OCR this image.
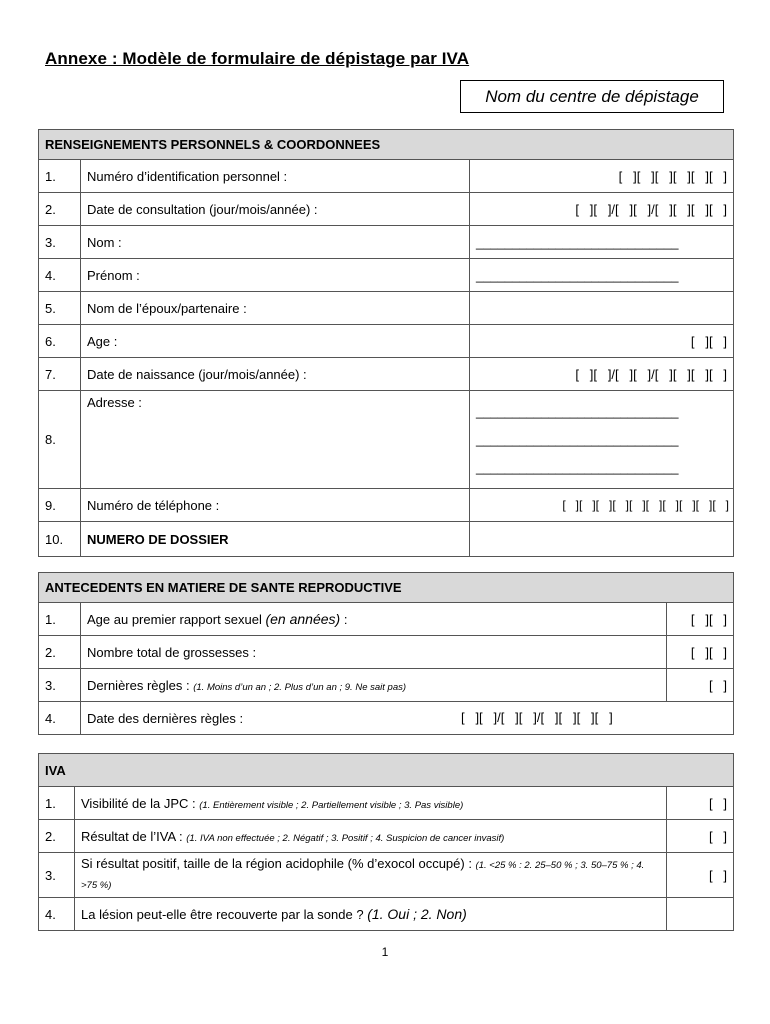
Annexe : Modèle de formulaire de dépistage par IVA
Nom du centre de dépistage
RENSEIGNEMENTS PERSONNELS & COORDONNEES		
1.	Numéro d’identification personnel :	[   ][   ][   ][   ][   ][   ]
2.	Date de consultation (jour/mois/année) :	[   ][   ]/[   ][   ]/[   ][   ][   ][   ]
3.	Nom :	____________________________
4.	Prénom :	____________________________
5.	Nom de l’époux/partenaire :	
6.	Age :	[   ][   ]
7.	Date de naissance (jour/mois/année) :	[   ][   ]/[   ][   ]/[   ][   ][   ][   ]
8.	Adresse :	____________________________
____________________________
____________________________

9.	Numéro de téléphone :	[   ][   ][   ][   ][   ][   ][   ][   ][   ][   ]
10.	NUMERO DE DOSSIER	
ANTECEDENTS EN MATIERE DE SANTE REPRODUCTIVE		
1.	Age au premier rapport sexuel (en années) :	[   ][   ]
2.	Nombre total de grossesses :	[   ][   ]
3.	Dernières règles : (1. Moins d’un an ; 2. Plus d’un an ; 9. Ne sait pas)	[   ]
4.	Date des dernières règles : [   ][   ]/[   ][   ]/[   ][   ][   ][   ]	
IVA		
1.	Visibilité de la JPC : (1. Entièrement visible ; 2. Partiellement visible ; 3. Pas visible)	[   ]
2.	Résultat de l’IVA : (1. IVA non effectuée ; 2. Négatif ; 3. Positif ; 4. Suspicion de cancer invasif)	[   ]
3.	Si résultat positif, taille de la région acidophile (% d’exocol occupé) : (1. <25 % : 2. 25–50 % ; 3. 50–75 % ; 4. >75 %)	[   ]
4.	La lésion peut-elle être recouverte par la sonde ? (1. Oui ; 2. Non)	
1
